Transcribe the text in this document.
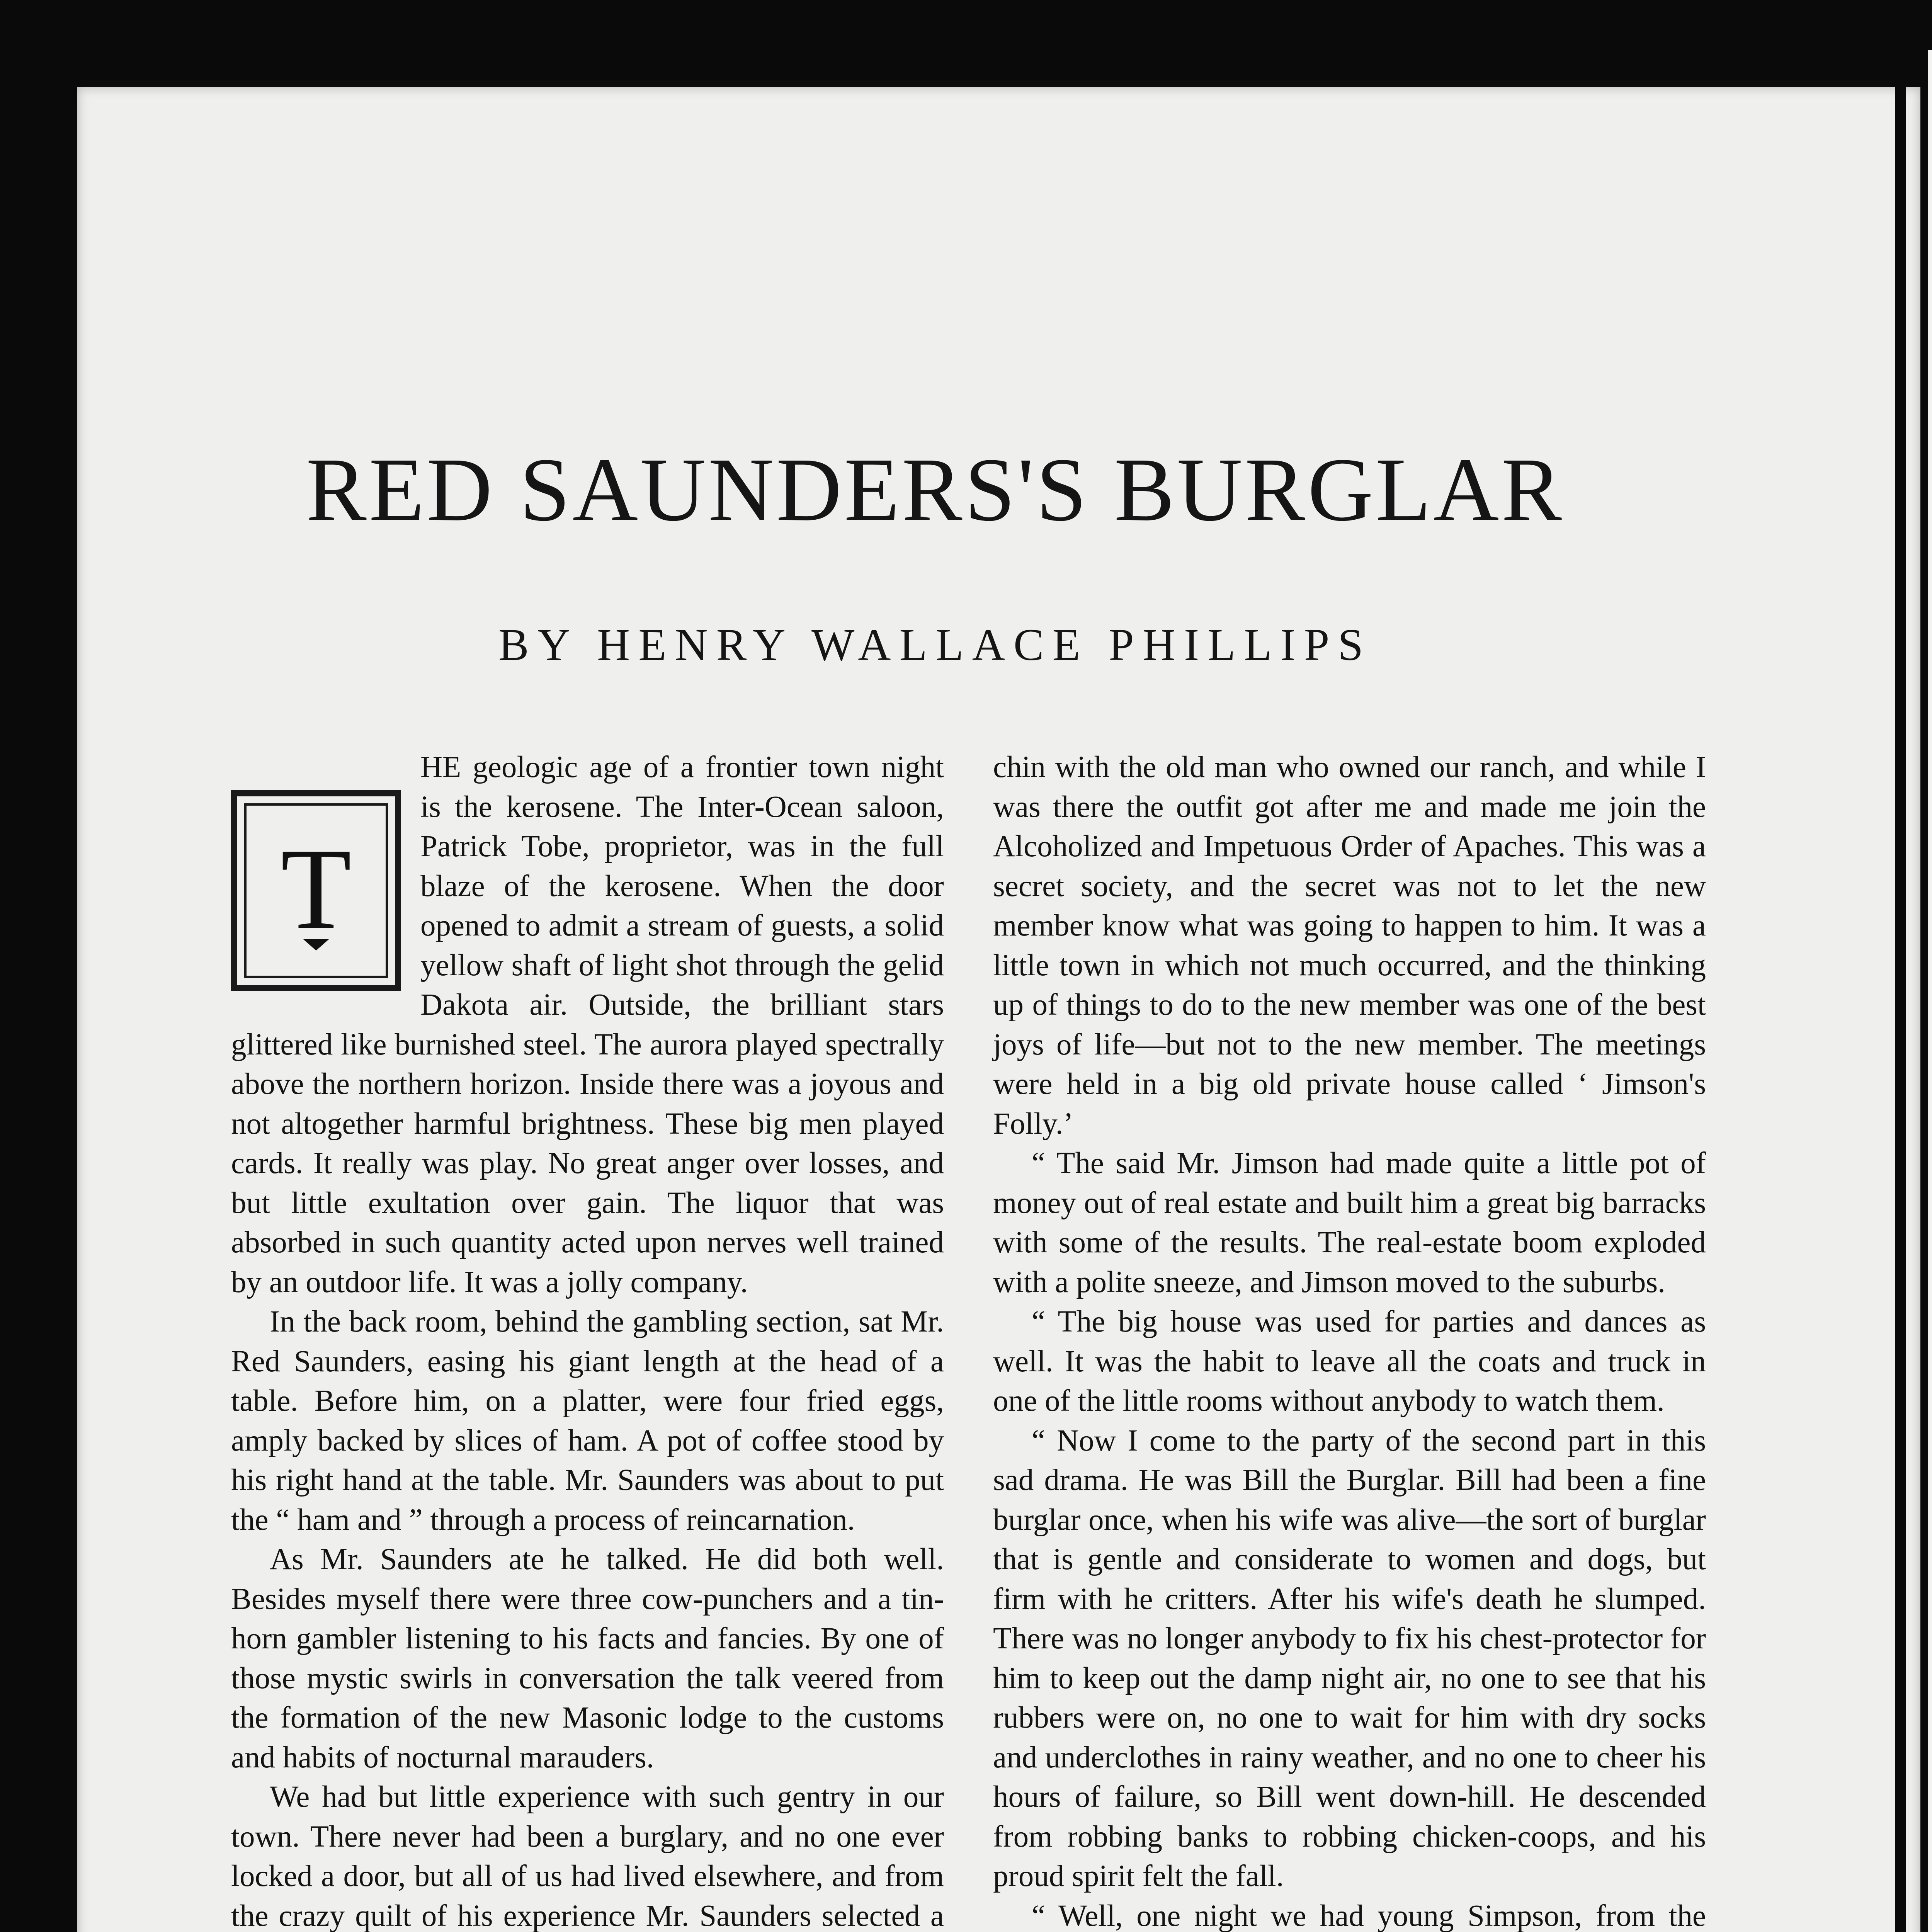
RED SAUNDERS'S BURGLAR
BY HENRY WALLACE PHILLIPS
T

HE geologic age of a frontier town night is the kerosene. The Inter-Ocean saloon, Patrick Tobe, proprietor, was in the full blaze of the kerosene. When the door opened to admit a stream of guests, a solid yellow shaft of light shot through the gelid Dakota air. Outside, the brilliant stars glittered like burnished steel. The aurora played spectrally above the northern horizon. Inside there was a joyous and not altogether harmful brightness. These big men played cards. It really was play. No great anger over losses, and but little exultation over gain. The liquor that was absorbed in such quantity acted upon nerves well trained by an outdoor life. It was a jolly company.

In the back room, behind the gambling section, sat Mr. Red Saunders, easing his giant length at the head of a table. Before him, on a platter, were four fried eggs, amply backed by slices of ham. A pot of coffee stood by his right hand at the table. Mr. Saunders was about to put the “ ham and ” through a process of reincarnation.

As Mr. Saunders ate he talked. He did both well. Besides myself there were three cow-punchers and a tin-horn gambler listening to his facts and fancies. By one of those mystic swirls in conversation the talk veered from the formation of the new Masonic lodge to the customs and habits of nocturnal marauders.

We had but little experience with such gentry in our town. There never had been a burglary, and no one ever locked a door, but all of us had lived elsewhere, and from the crazy quilt of his experience Mr. Saunders selected a

chin with the old man who owned our ranch, and while I was there the outfit got after me and made me join the Alcoholized and Impetuous Order of Apaches. This was a secret society, and the secret was not to let the new member know what was going to happen to him. It was a little town in which not much occurred, and the thinking up of things to do to the new member was one of the best joys of life—but not to the new member. The meetings were held in a big old private house called ‘ Jimson's Folly.’

“ The said Mr. Jimson had made quite a little pot of money out of real estate and built him a great big barracks with some of the results. The real-estate boom exploded with a polite sneeze, and Jimson moved to the suburbs.

“ The big house was used for parties and dances as well. It was the habit to leave all the coats and truck in one of the little rooms without anybody to watch them.

“ Now I come to the party of the second part in this sad drama. He was Bill the Burglar. Bill had been a fine burglar once, when his wife was alive—the sort of burglar that is gentle and considerate to women and dogs, but firm with he critters. After his wife's death he slumped. There was no longer anybody to fix his chest-protector for him to keep out the damp night air, no one to see that his rubbers were on, no one to wait for him with dry socks and underclothes in rainy weather, and no one to cheer his hours of failure, so Bill went down-hill. He descended from robbing banks to robbing chicken-coops, and his proud spirit felt the fall.

“ Well, one night we had young Simpson, from the
